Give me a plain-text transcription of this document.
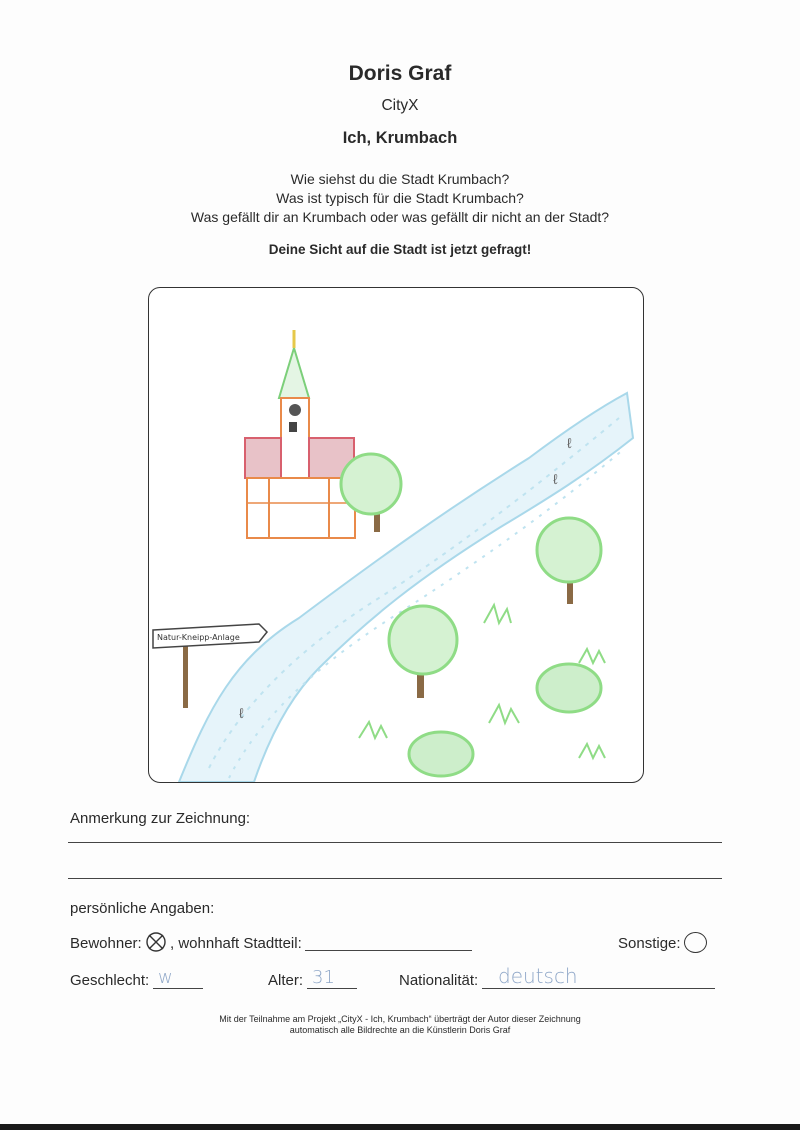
Doris Graf
CityX
Ich, Krumbach
Wie siehst du die Stadt Krumbach?
Was ist typisch für die Stadt Krumbach?
Was gefällt dir an Krumbach oder was gefällt dir nicht an der Stadt?
Deine Sicht auf die Stadt ist jetzt gefragt!
ℓ
ℓ
ℓ
Natur-Kneipp-Anlage
Anmerkung zur Zeichnung:
persönliche Angaben:
Bewohner: , wohnhaft Stadtteil:	Sonstige:
Geschlecht: w	Alter: 31	Nationalität: deutsch
Mit der Teilnahme am Projekt „CityX - Ich, Krumbach“ überträgt der Autor dieser Zeichnung
automatisch alle Bildrechte an die Künstlerin Doris Graf
